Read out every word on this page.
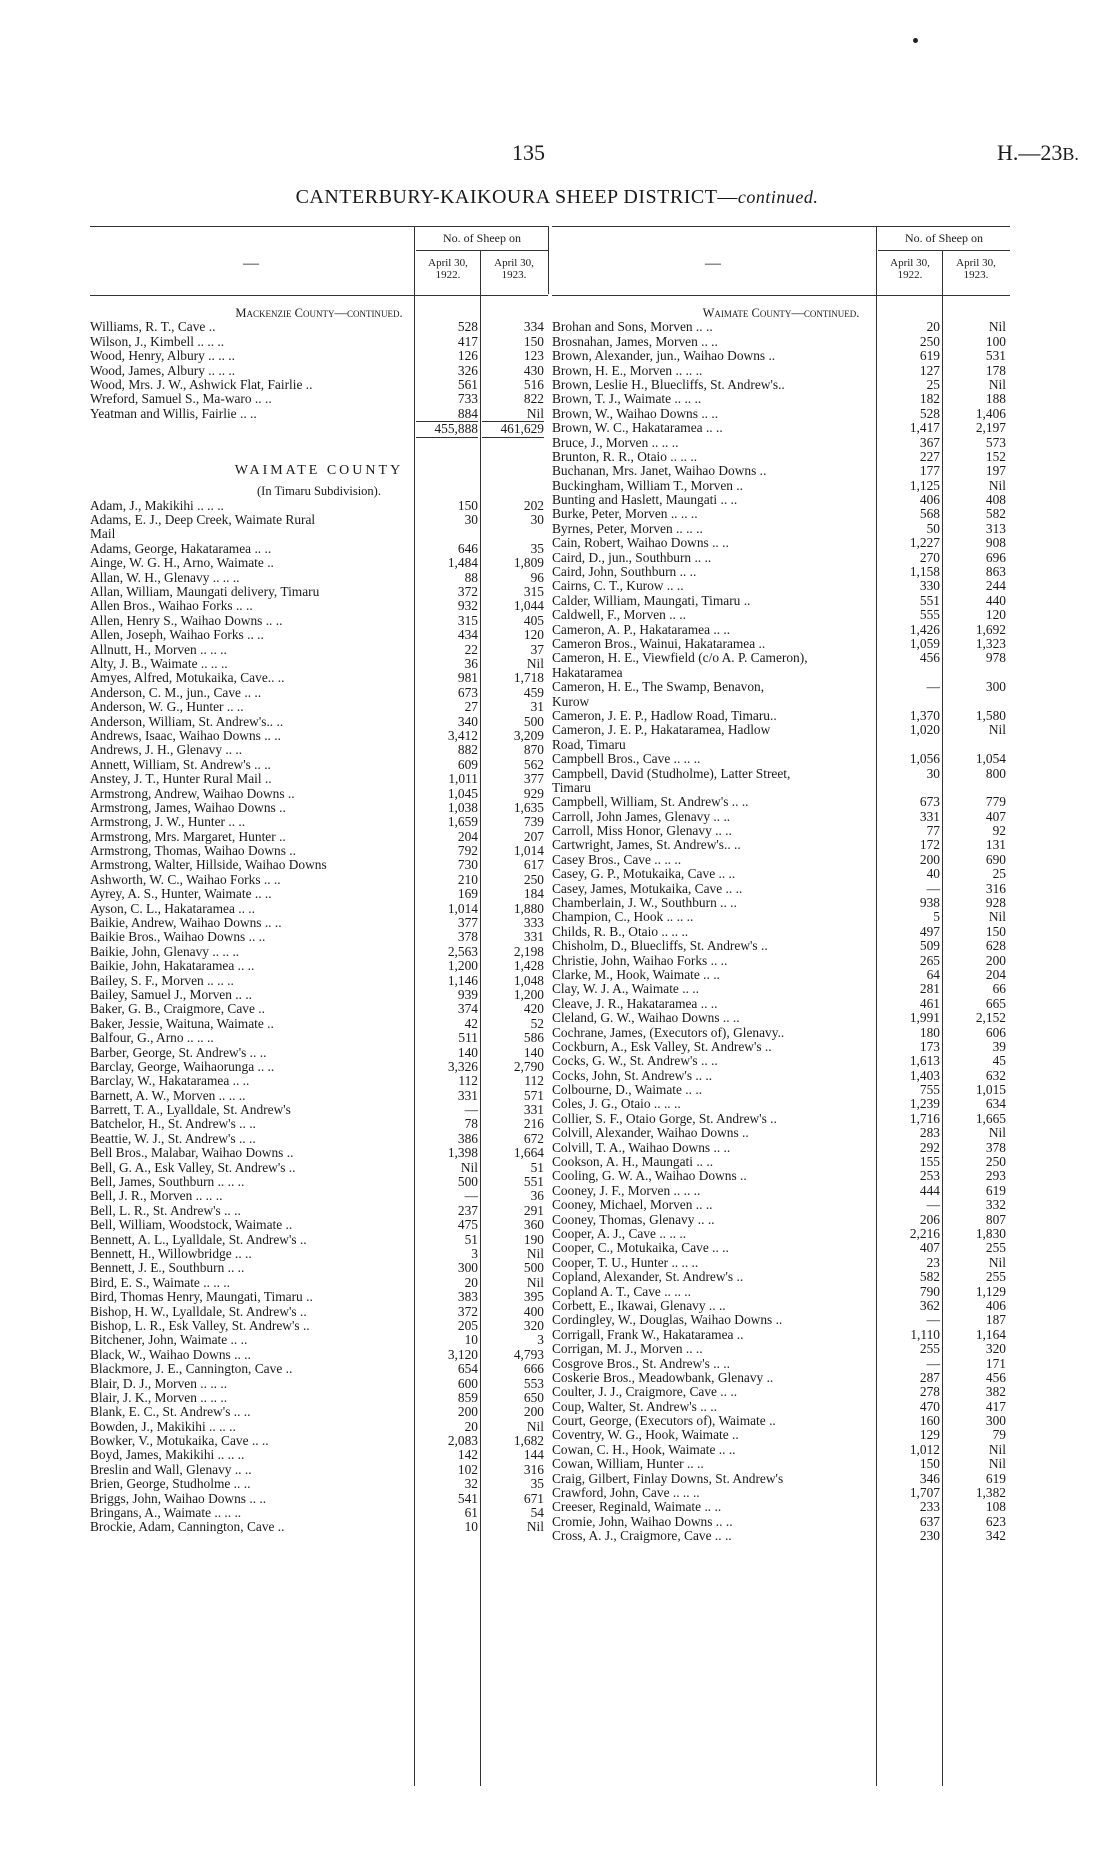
135	H.—23B.
CANTERBURY-KAIKOURA SHEEP DISTRICT—continued.
—
No. of Sheep on
April 30,
1922.
April 30,
1923.
Mackenzie County—continued.
Williams, R. T., Cave ..	528	334
Wilson, J., Kimbell .. .. ..	417	150
Wood, Henry, Albury .. .. ..	126	123
Wood, James, Albury .. .. ..	326	430
Wood, Mrs. J. W., Ashwick Flat, Fairlie ..	561	516
Wreford, Samuel S., Ma-waro .. ..	733	822
Yeatman and Willis, Fairlie .. ..	884	Nil
455,888	461,629
WAIMATE COUNTY
(In Timaru Subdivision).
Adam, J., Makikihi .. .. ..	150	202
Adams, E. J., Deep Creek, Waimate Rural	30	30
Mail
Adams, George, Hakataramea .. ..	646	35
Ainge, W. G. H., Arno, Waimate ..	1,484	1,809
Allan, W. H., Glenavy .. .. ..	88	96
Allan, William, Maungati delivery, Timaru	372	315
Allen Bros., Waihao Forks .. ..	932	1,044
Allen, Henry S., Waihao Downs .. ..	315	405
Allen, Joseph, Waihao Forks .. ..	434	120
Allnutt, H., Morven .. .. ..	22	37
Alty, J. B., Waimate .. .. ..	36	Nil
Amyes, Alfred, Motukaika, Cave.. ..	981	1,718
Anderson, C. M., jun., Cave .. ..	673	459
Anderson, W. G., Hunter .. ..	27	31
Anderson, William, St. Andrew's.. ..	340	500
Andrews, Isaac, Waihao Downs .. ..	3,412	3,209
Andrews, J. H., Glenavy .. ..	882	870
Annett, William, St. Andrew's .. ..	609	562
Anstey, J. T., Hunter Rural Mail ..	1,011	377
Armstrong, Andrew, Waihao Downs ..	1,045	929
Armstrong, James, Waihao Downs ..	1,038	1,635
Armstrong, J. W., Hunter .. ..	1,659	739
Armstrong, Mrs. Margaret, Hunter ..	204	207
Armstrong, Thomas, Waihao Downs ..	792	1,014
Armstrong, Walter, Hillside, Waihao Downs	730	617
Ashworth, W. C., Waihao Forks .. ..	210	250
Ayrey, A. S., Hunter, Waimate .. ..	169	184
Ayson, C. L., Hakataramea .. ..	1,014	1,880
Baikie, Andrew, Waihao Downs .. ..	377	333
Baikie Bros., Waihao Downs .. ..	378	331
Baikie, John, Glenavy .. .. ..	2,563	2,198
Baikie, John, Hakataramea .. ..	1,200	1,428
Bailey, S. F., Morven .. .. ..	1,146	1,048
Bailey, Samuel J., Morven .. ..	939	1,200
Baker, G. B., Craigmore, Cave ..	374	420
Baker, Jessie, Waituna, Waimate ..	42	52
Balfour, G., Arno .. .. ..	511	586
Barber, George, St. Andrew's .. ..	140	140
Barclay, George, Waihaorunga .. ..	3,326	2,790
Barclay, W., Hakataramea .. ..	112	112
Barnett, A. W., Morven .. .. ..	331	571
Barrett, T. A., Lyalldale, St. Andrew's	—	331
Batchelor, H., St. Andrew's .. ..	78	216
Beattie, W. J., St. Andrew's .. ..	386	672
Bell Bros., Malabar, Waihao Downs ..	1,398	1,664
Bell, G. A., Esk Valley, St. Andrew's ..	Nil	51
Bell, James, Southburn .. .. ..	500	551
Bell, J. R., Morven .. .. ..	—	36
Bell, L. R., St. Andrew's .. ..	237	291
Bell, William, Woodstock, Waimate ..	475	360
Bennett, A. L., Lyalldale, St. Andrew's ..	51	190
Bennett, H., Willowbridge .. ..	3	Nil
Bennett, J. E., Southburn .. ..	300	500
Bird, E. S., Waimate .. .. ..	20	Nil
Bird, Thomas Henry, Maungati, Timaru ..	383	395
Bishop, H. W., Lyalldale, St. Andrew's ..	372	400
Bishop, L. R., Esk Valley, St. Andrew's ..	205	320
Bitchener, John, Waimate .. ..	10	3
Black, W., Waihao Downs .. ..	3,120	4,793
Blackmore, J. E., Cannington, Cave ..	654	666
Blair, D. J., Morven .. .. ..	600	553
Blair, J. K., Morven .. .. ..	859	650
Blank, E. C., St. Andrew's .. ..	200	200
Bowden, J., Makikihi .. .. ..	20	Nil
Bowker, V., Motukaika, Cave .. ..	2,083	1,682
Boyd, James, Makikihi .. .. ..	142	144
Breslin and Wall, Glenavy .. ..	102	316
Brien, George, Studholme .. ..	32	35
Briggs, John, Waihao Downs .. ..	541	671
Bringans, A., Waimate .. .. ..	61	54
Brockie, Adam, Cannington, Cave ..	10	Nil
—
No. of Sheep on
April 30,
1922.
April 30,
1923.
Waimate County—continued.
Brohan and Sons, Morven .. ..	20	Nil
Brosnahan, James, Morven .. ..	250	100
Brown, Alexander, jun., Waihao Downs ..	619	531
Brown, H. E., Morven .. .. ..	127	178
Brown, Leslie H., Bluecliffs, St. Andrew's..	25	Nil
Brown, T. J., Waimate .. .. ..	182	188
Brown, W., Waihao Downs .. ..	528	1,406
Brown, W. C., Hakataramea .. ..	1,417	2,197
Bruce, J., Morven .. .. ..	367	573
Brunton, R. R., Otaio .. .. ..	227	152
Buchanan, Mrs. Janet, Waihao Downs ..	177	197
Buckingham, William T., Morven ..	1,125	Nil
Bunting and Haslett, Maungati .. ..	406	408
Burke, Peter, Morven .. .. ..	568	582
Byrnes, Peter, Morven .. .. ..	50	313
Cain, Robert, Waihao Downs .. ..	1,227	908
Caird, D., jun., Southburn .. ..	270	696
Caird, John, Southburn .. ..	1,158	863
Cairns, C. T., Kurow .. ..	330	244
Calder, William, Maungati, Timaru ..	551	440
Caldwell, F., Morven .. ..	555	120
Cameron, A. P., Hakataramea .. ..	1,426	1,692
Cameron Bros., Wainui, Hakataramea ..	1,059	1,323
Cameron, H. E., Viewfield (c/o A. P. Cameron),	456	978
Hakataramea
Cameron, H. E., The Swamp, Benavon,	—	300
Kurow
Cameron, J. E. P., Hadlow Road, Timaru..	1,370	1,580
Cameron, J. E. P., Hakataramea, Hadlow	1,020	Nil
Road, Timaru
Campbell Bros., Cave .. .. ..	1,056	1,054
Campbell, David (Studholme), Latter Street,	30	800
Timaru
Campbell, William, St. Andrew's .. ..	673	779
Carroll, John James, Glenavy .. ..	331	407
Carroll, Miss Honor, Glenavy .. ..	77	92
Cartwright, James, St. Andrew's.. ..	172	131
Casey Bros., Cave .. .. ..	200	690
Casey, G. P., Motukaika, Cave .. ..	40	25
Casey, James, Motukaika, Cave .. ..	—	316
Chamberlain, J. W., Southburn .. ..	938	928
Champion, C., Hook .. .. ..	5	Nil
Childs, R. B., Otaio .. .. ..	497	150
Chisholm, D., Bluecliffs, St. Andrew's ..	509	628
Christie, John, Waihao Forks .. ..	265	200
Clarke, M., Hook, Waimate .. ..	64	204
Clay, W. J. A., Waimate .. ..	281	66
Cleave, J. R., Hakataramea .. ..	461	665
Cleland, G. W., Waihao Downs .. ..	1,991	2,152
Cochrane, James, (Executors of), Glenavy..	180	606
Cockburn, A., Esk Valley, St. Andrew's ..	173	39
Cocks, G. W., St. Andrew's .. ..	1,613	45
Cocks, John, St. Andrew's .. ..	1,403	632
Colbourne, D., Waimate .. ..	755	1,015
Coles, J. G., Otaio .. .. ..	1,239	634
Collier, S. F., Otaio Gorge, St. Andrew's ..	1,716	1,665
Colvill, Alexander, Waihao Downs ..	283	Nil
Colvill, T. A., Waihao Downs .. ..	292	378
Cookson, A. H., Maungati .. ..	155	250
Cooling, G. W. A., Waihao Downs ..	253	293
Cooney, J. F., Morven .. .. ..	444	619
Cooney, Michael, Morven .. ..	—	332
Cooney, Thomas, Glenavy .. ..	206	807
Cooper, A. J., Cave .. .. ..	2,216	1,830
Cooper, C., Motukaika, Cave .. ..	407	255
Cooper, T. U., Hunter .. .. ..	23	Nil
Copland, Alexander, St. Andrew's ..	582	255
Copland A. T., Cave .. .. ..	790	1,129
Corbett, E., Ikawai, Glenavy .. ..	362	406
Cordingley, W., Douglas, Waihao Downs ..	—	187
Corrigall, Frank W., Hakataramea ..	1,110	1,164
Corrigan, M. J., Morven .. ..	255	320
Cosgrove Bros., St. Andrew's .. ..	—	171
Coskerie Bros., Meadowbank, Glenavy ..	287	456
Coulter, J. J., Craigmore, Cave .. ..	278	382
Coup, Walter, St. Andrew's .. ..	470	417
Court, George, (Executors of), Waimate ..	160	300
Coventry, W. G., Hook, Waimate ..	129	79
Cowan, C. H., Hook, Waimate .. ..	1,012	Nil
Cowan, William, Hunter .. ..	150	Nil
Craig, Gilbert, Finlay Downs, St. Andrew's	346	619
Crawford, John, Cave .. .. ..	1,707	1,382
Creeser, Reginald, Waimate .. ..	233	108
Cromie, John, Waihao Downs .. ..	637	623
Cross, A. J., Craigmore, Cave .. ..	230	342
